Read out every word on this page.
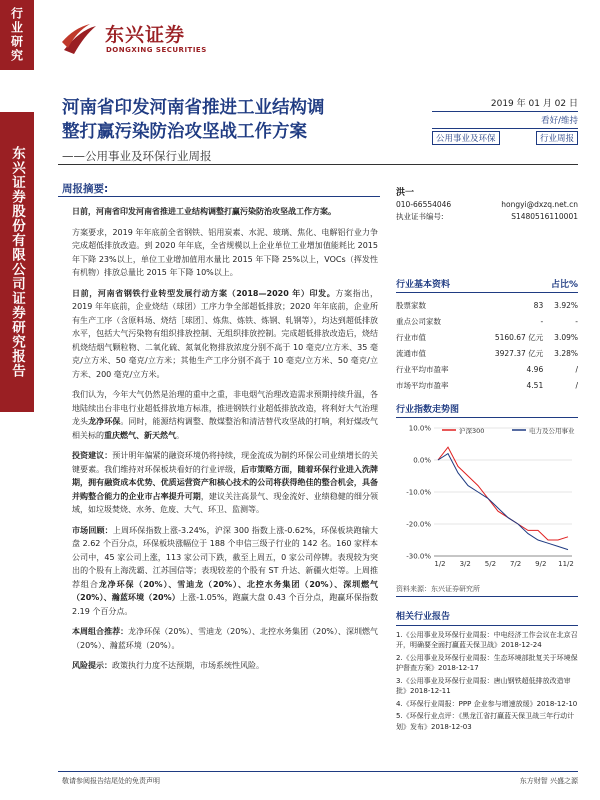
行业研究
东兴证券股份有限公司证券研究报告
东兴证券
DONGXING SECURITIES
河南省印发河南省推进工业结构调
整打赢污染防治攻坚战工作方案
——公用事业及环保行业周报
2019 年 01 月 02 日
看好/维持
公用事业及环保	行业周报
周报摘要:

日前，河南省印发河南省推进工业结构调整打赢污染防治攻坚战工作方案。

方案要求，2019 年年底前全省钢铁、铝用炭素、水泥、玻璃、焦化、电解铝行业力争完成超低排放改造。到 2020 年年底，全省规模以上企业单位工业增加值能耗比 2015 年下降 23%以上，单位工业增加值用水量比 2015 年下降 25%以上，VOCs（挥发性有机物）排放总量比 2015 年下降 10%以上。

日前，河南省钢铁行业转型发展行动方案（2018—2020 年）印发。方案指出，2019 年年底前，企业烧结（球团）工序力争全部超低排放；2020 年年底前，企业所有生产工序（含原料场、烧结［球团］、炼焦、炼铁、炼钢、轧钢等），均达到超低排放水平，包括大气污染物有组织排放控制、无组织排放控制。完成超低排放改造后，烧结机烧结烟气颗粒物、二氧化硫、氮氧化物排放浓度分别不高于 10 毫克/立方米、35 毫克/立方米、50 毫克/立方米；其他生产工序分别不高于 10 毫克/立方米、50 毫克/立方米、200 毫克/立方米。

我们认为，今年大气仍然是治理的重中之重，非电烟气治理改造需求预期持续升温，各地陆续出台非电行业超低排放地方标准，推进钢铁行业超低排放改造，将利好大气治理龙头龙净环保。同时，能源结构调整、散煤整治和清洁替代攻坚战的打响，利好煤改气相关标的重庆燃气、新天然气。

投资建议：预计明年偏紧的融资环境仍将持续，现金流成为制约环保公司业绩增长的关键要素。我们维持对环保板块看好的行业评级，后市策略方面，随着环保行业进入洗牌期，拥有融资成本优势、优质运营资产和核心技术的公司将获得绝佳的整合机会，具备并购整合能力的企业市占率提升可期，建议关注高景气、现金流好、业绩稳健的细分领域，如垃圾焚烧、水务、危废、大气、环卫、监测等。

市场回顾：上周环保指数上涨-3.24%，沪深 300 指数上涨-0.62%，环保板块跑输大盘 2.62 个百分点，环保板块涨幅位于 188 个申信三级子行业的 142 名。160 家样本公司中，45 家公司上涨，113 家公司下跌，截至上周五，0 家公司停牌。表现较为突出的个股有上海洗霸、江苏国信等；表现较差的个股有 ST 升达、新疆火炬等。上周推荐组合龙净环保（20%）、雪迪龙（20%）、北控水务集团（20%）、深圳燃气（20%）、瀚蓝环境（20%）上涨-1.05%，跑赢大盘 0.43 个百分点，跑赢环保指数 2.19 个百分点。

本周组合推荐：龙净环保（20%）、雪迪龙（20%）、北控水务集团（20%）、深圳燃气（20%）、瀚蓝环境（20%）。

风险提示：政策执行力度不达预期，市场系统性风险。

洪一
010-66554046	hongyi@dxzq.net.cn
执业证书编号:	S1480516110001
行业基本资料	占比%
股票家数	83	3.92%
重点公司家数	-	-
行业市值	5160.67 亿元	3.09%
流通市值	3927.37 亿元	3.28%
行业平均市盈率	4.96	/
市场平均市盈率	4.51	/
行业指数走势图
10.0%
0.0%
-10.0%
-20.0%
-30.0%
1/2 3/2 5/2 7/2 9/2 11/2
沪深300	电力及公用事业
资料来源：东兴证券研究所
相关行业报告
1.《公用事业及环保行业周报：中电经济工作会议在北京召开，明确要全面打赢蓝天保卫战》2018-12-24
2.《公用事业及环保行业周报：生态环境部批复关于环境保护督查方案》2018-12-17
3.《公用事业及环保行业周报：唐山钢铁超低排放改造审批》2018-12-11
4.《环保行业周报：PPP 企业参与增速放缓》2018-12-10
5.《环保行业点评：《黑龙江省打赢蓝天保卫战三年行动计划》发布》2018-12-03
敬请参阅报告结尾处的免责声明	东方财智 兴盛之源
